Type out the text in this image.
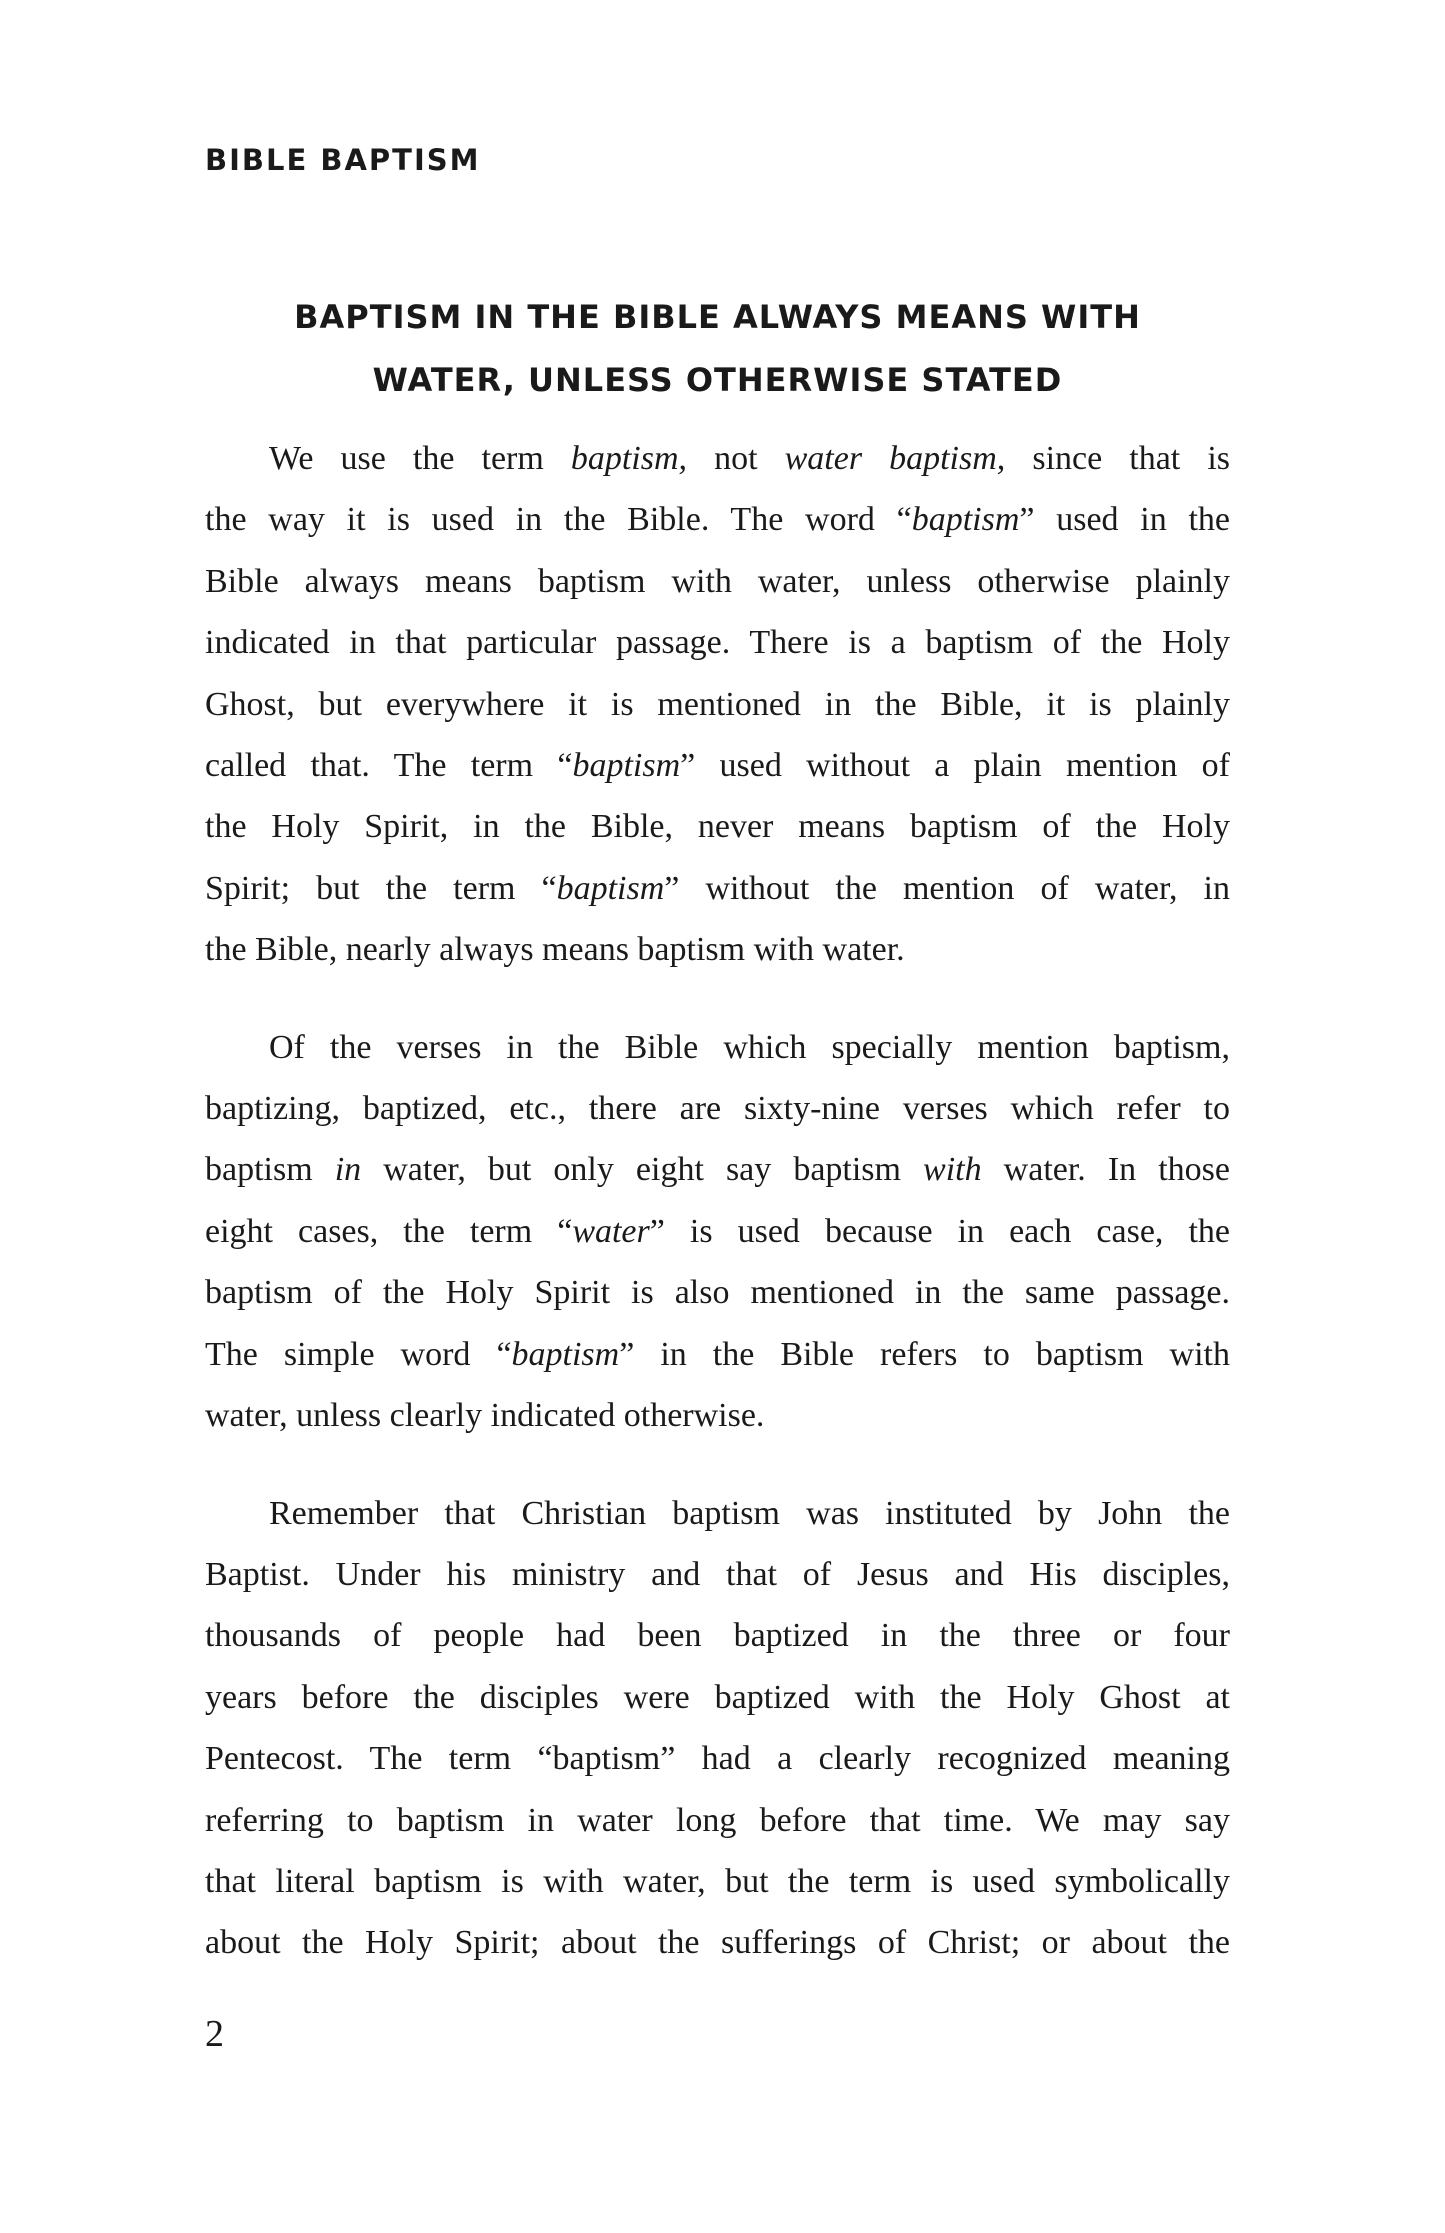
BIBLE BAPTISM
BAPTISM IN THE BIBLE ALWAYS MEANS WITH
WATER, UNLESS OTHERWISE STATED
We use the term baptism, not water baptism, since that is
the way it is used in the Bible. The word “baptism” used in the
Bible always means baptism with water, unless otherwise plainly
indicated in that particular passage. There is a baptism of the Holy
Ghost, but everywhere it is mentioned in the Bible, it is plainly
called that. The term “baptism” used without a plain mention of
the Holy Spirit, in the Bible, never means baptism of the Holy
Spirit; but the term “baptism” without the mention of water, in
the Bible, nearly always means baptism with water.
Of the verses in the Bible which specially mention baptism,
baptizing, baptized, etc., there are sixty-nine verses which refer to
baptism in water, but only eight say baptism with water. In those
eight cases, the term “water” is used because in each case, the
baptism of the Holy Spirit is also mentioned in the same passage.
The simple word “baptism” in the Bible refers to baptism with
water, unless clearly indicated otherwise.
Remember that Christian baptism was instituted by John the
Baptist. Under his ministry and that of Jesus and His disciples,
thousands of people had been baptized in the three or four
years before the disciples were baptized with the Holy Ghost at
Pentecost. The term “baptism” had a clearly recognized meaning
referring to baptism in water long before that time. We may say
that literal baptism is with water, but the term is used symbolically
about the Holy Spirit; about the sufferings of Christ; or about the

2
